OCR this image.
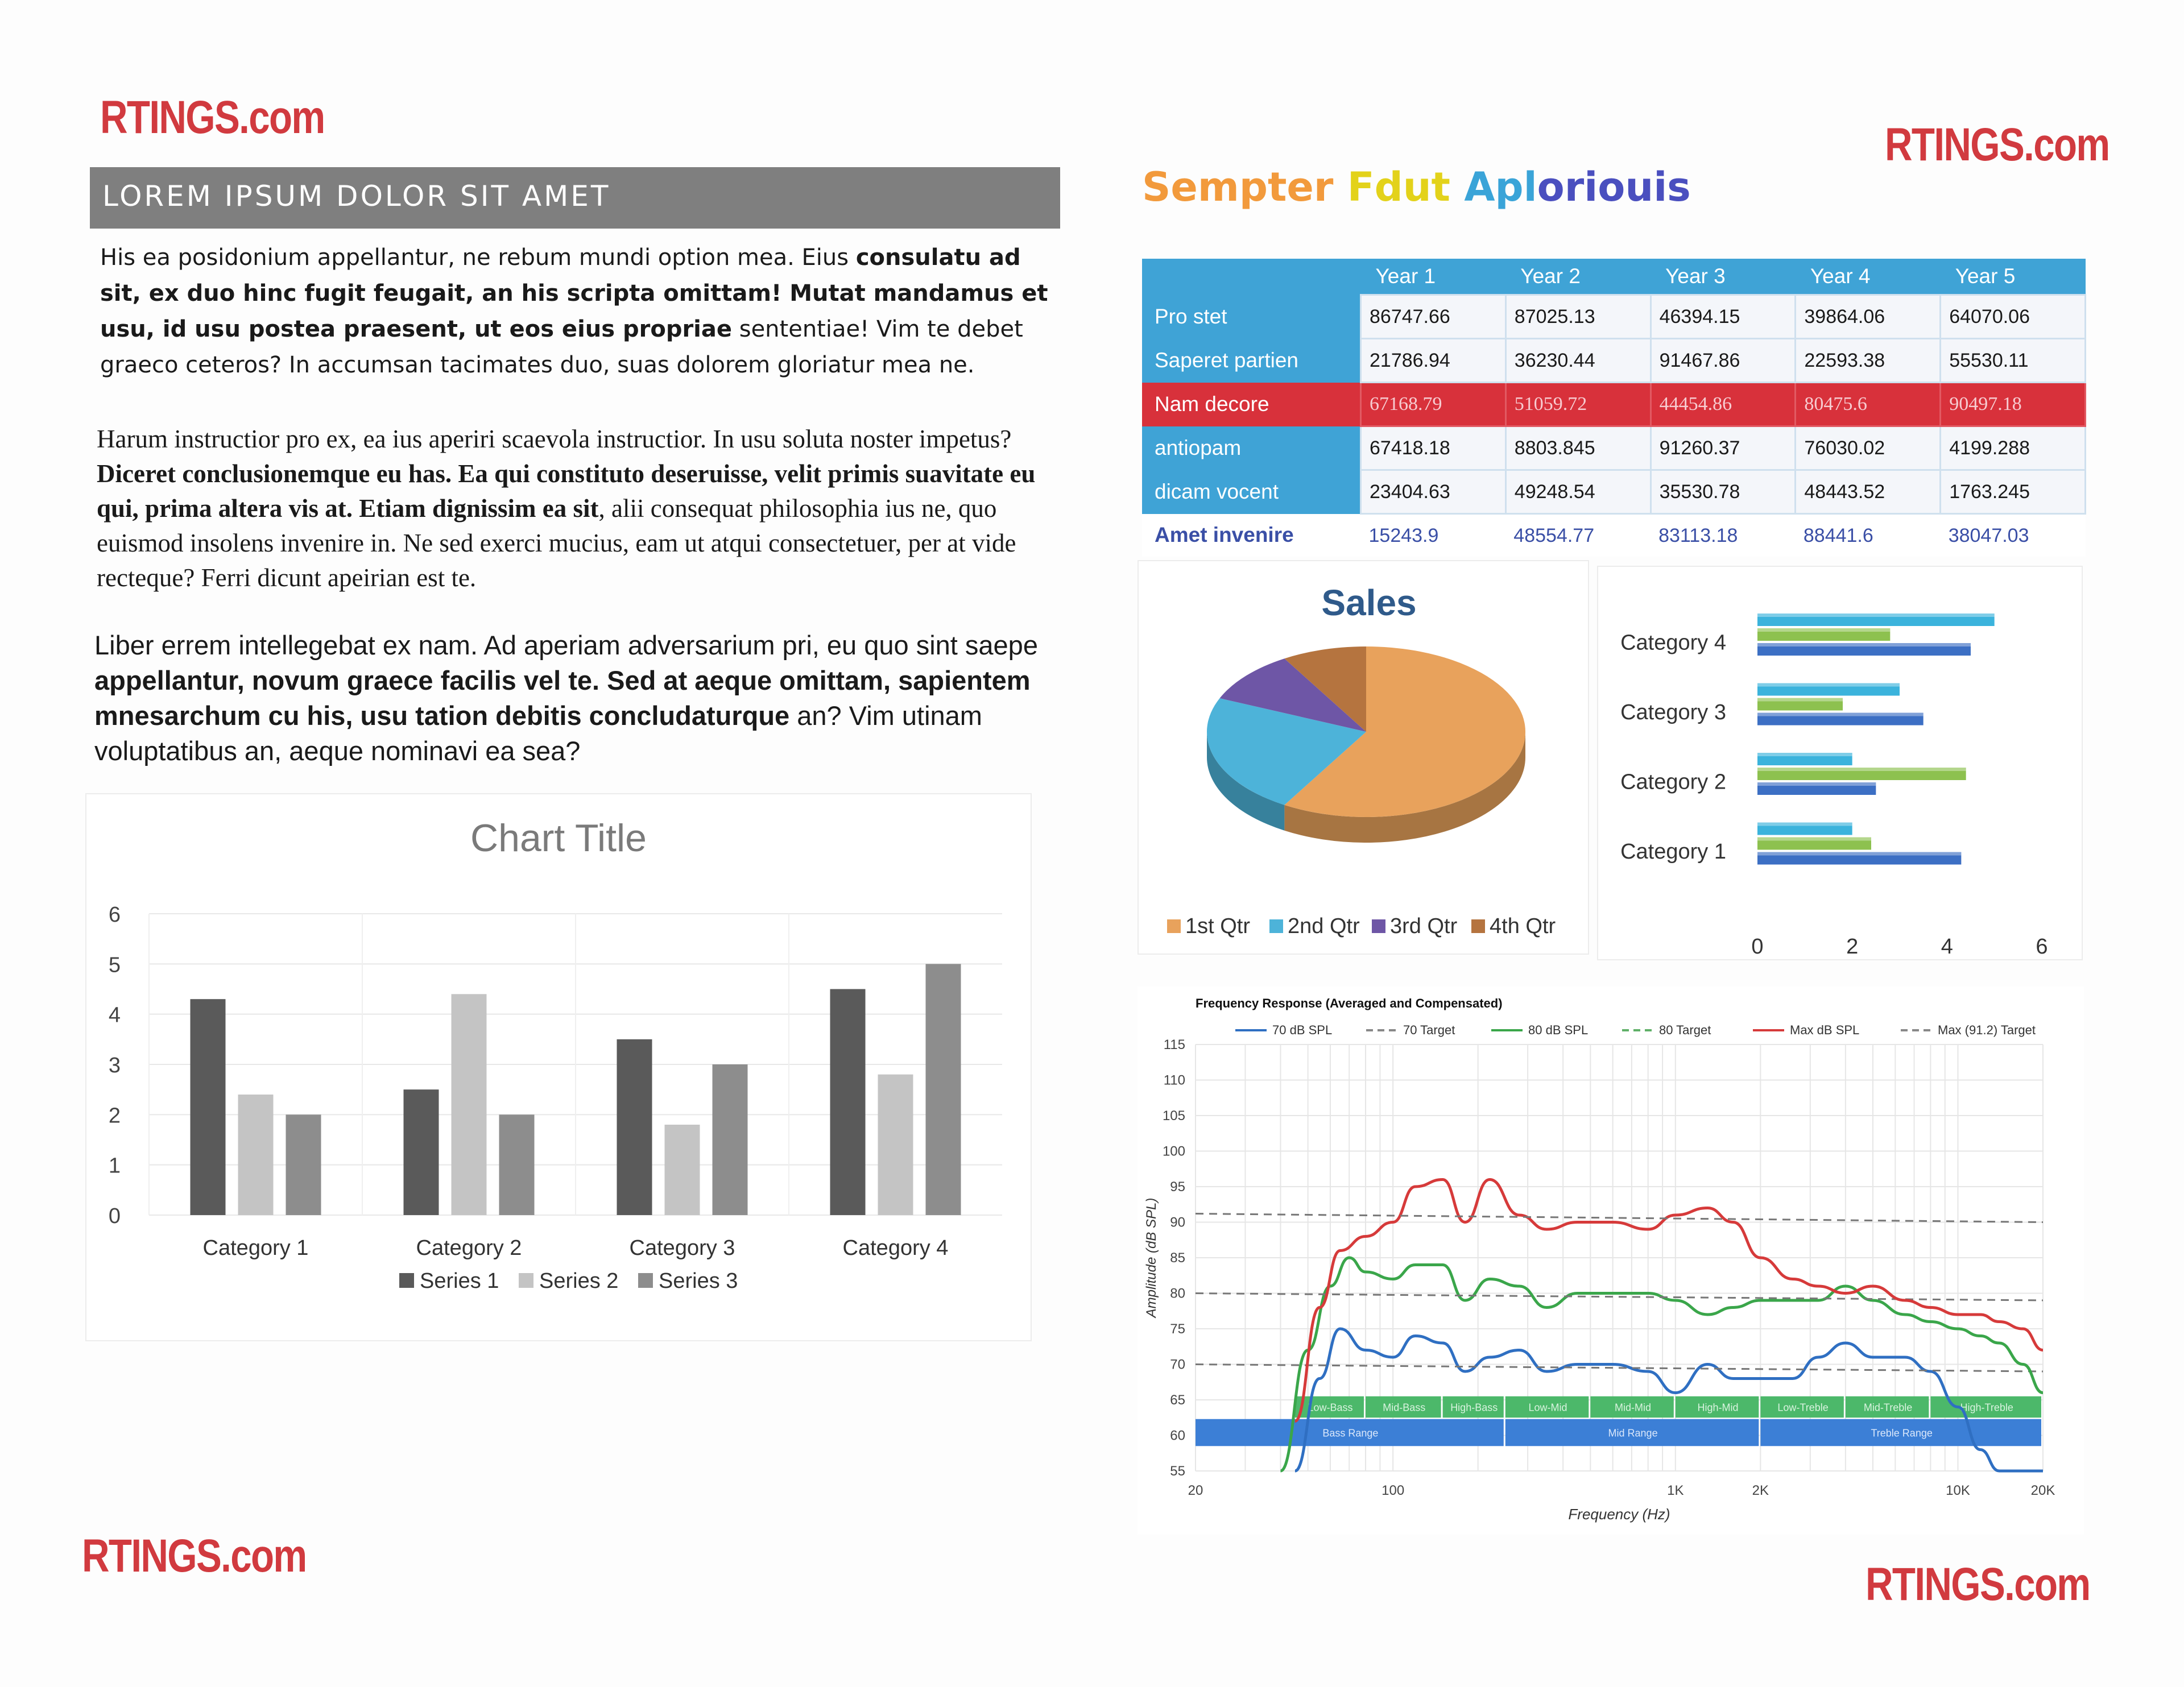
RTINGS.com
RTINGS.com
RTINGS.com
RTINGS.com
LOREM IPSUM DOLOR SIT AMET
His ea posidonium appellantur, ne rebum mundi option mea. Eius consulatu ad sit, ex duo hinc fugit feugait, an his scripta omittam! Mutat mandamus et usu, id usu postea praesent, ut eos eius propriae sententiae! Vim te debet graeco ceteros? In accumsan tacimates duo, suas dolorem gloriatur mea ne.
Harum instructior pro ex, ea ius aperiri scaevola instructior. In usu soluta noster impetus? Diceret conclusionemque eu has. Ea qui constituto deseruisse, velit primis suavitate eu qui, prima altera vis at. Etiam dignissim ea sit, alii consequat philosophia ius ne, quo euismod insolens invenire in. Ne sed exerci mucius, eam ut atqui consectetuer, per at vide recteque? Ferri dicunt apeirian est te.
Liber errem intellegebat ex nam. Ad aperiam adversarium pri, eu quo sint saepe appellantur, novum graece facilis vel te. Sed at aeque omittam, sapientem mnesarchum cu his, usu tation debitis concludaturque an? Vim utinam voluptatibus an, aeque nominavi ea sea?
Chart Title
0
1
2
3
4
5
6
Category 1	Category 2	Category 3	Category 4
Series 1 Series 2 Series 3
Sempter Fdut Aploriouis
	Year 1	Year 2	Year 3	Year 4	Year 5
Pro stet	86747.66	87025.13	46394.15	39864.06	64070.06
Saperet partien	21786.94	36230.44	91467.86	22593.38	55530.11
Nam decore	67168.79	51059.72	44454.86	80475.6	90497.18
antiopam	67418.18	8803.845	91260.37	76030.02	4199.288
dicam vocent	23404.63	49248.54	35530.78	48443.52	1763.245
Amet invenire	15243.9	48554.77	83113.18	88441.6	38047.03
Sales
1st Qtr 2nd Qtr 3rd Qtr 4th Qtr
Category 1
Category 2
Category 3
Category 4
0	2	4	6
Frequency Response (Averaged and Compensated)
70 dB SPL	70 Target	80 dB SPL	80 Target	Max dB SPL	Max (91.2) Target
55
60
65
70
75
80
85
90
95
100
105
110
115
20	100	1K	2K	10K	20K
Frequency (Hz)
Amplitude (dB SPL)
Low-Bass	Mid-Bass High-Bass	Low-Mid	Mid-Mid	High-Mid	Low-Treble	Mid-Treble	High-Treble
Bass Range	Mid Range	Treble Range
